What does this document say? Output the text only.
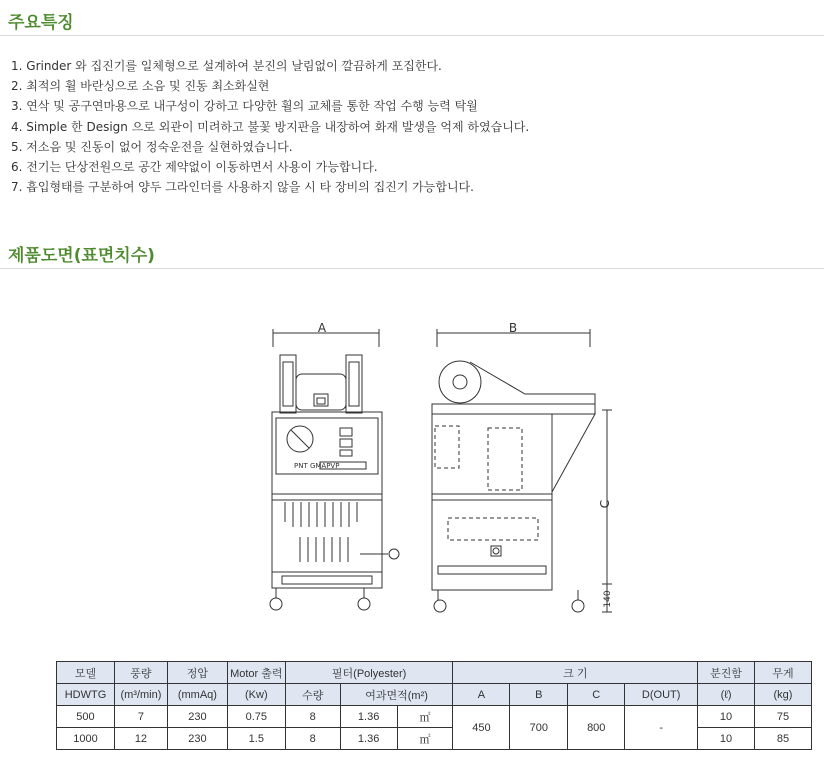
주요특징
1. Grinder 와 집진기를 일체형으로 설계하여 분진의 날림없이 깔끔하게 포집한다.
2. 최적의 휠 바란싱으로 소음 및 진동 최소화실현
3. 연삭 및 공구연마용으로 내구성이 강하고 다양한 휠의 교체를 통한 작업 수행 능력 탁월
4. Simple 한 Design 으로 외관이 미려하고 불꽃 방지판을 내장하여 화재 발생을 억제 하였습니다.
5. 저소음 및 진동이 없어 정숙운전을 실현하였습니다.
6. 전기는 단상전원으로 공간 제약없이 이동하면서 사용이 가능합니다.
7. 흡입형태를 구분하여 양두 그라인더를 사용하지 않을 시 타 장비의 집진기 가능합니다.
제품도면(표면치수)
A	B
C
140
PNT GMAPVP
모델	풍량	정압	Motor 출력	필터(Polyester)			크 기				분진함	무게
HDWTG	(m³/min)	(mmAq)	(Kw)	수량	여과면적(m²)		A	B	C	D(OUT)	(ℓ)	(kg)
500	7	230	0.75	8	1.36	㎡	450	700	800	-	10	75
1000	12	230	1.5	8	1.36	㎡					10	85
